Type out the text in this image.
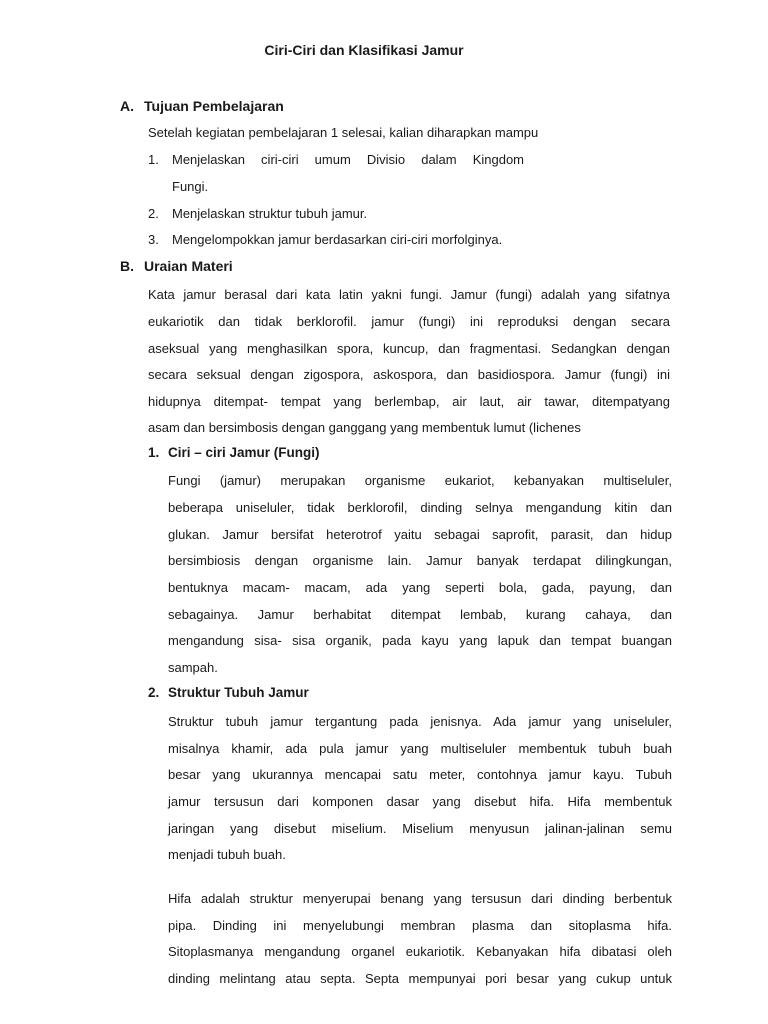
Ciri-Ciri dan Klasifikasi Jamur
A. Tujuan Pembelajaran
Setelah kegiatan pembelajaran 1 selesai, kalian diharapkan mampu
1. Menjelaskan ciri-ciri umum Divisio dalam Kingdom
Fungi.
2. Menjelaskan struktur tubuh jamur.
3. Mengelompokkan jamur berdasarkan ciri-ciri morfolginya.
B. Uraian Materi
Kata jamur berasal dari kata latin yakni fungi. Jamur (fungi) adalah yang sifatnya
eukariotik dan tidak berklorofil. jamur (fungi) ini reproduksi dengan secara
aseksual yang menghasilkan spora, kuncup, dan fragmentasi. Sedangkan dengan
secara seksual dengan zigospora, askospora, dan basidiospora. Jamur (fungi) ini
hidupnya ditempat- tempat yang berlembap, air laut, air tawar, ditempatyang
asam dan bersimbosis dengan ganggang yang membentuk lumut (lichenes
1. Ciri – ciri Jamur (Fungi)
Fungi (jamur) merupakan organisme eukariot, kebanyakan multiseluler,
beberapa uniseluler, tidak berklorofil, dinding selnya mengandung kitin dan
glukan. Jamur bersifat heterotrof yaitu sebagai saprofit, parasit, dan hidup
bersimbiosis dengan organisme lain. Jamur banyak terdapat dilingkungan,
bentuknya macam- macam, ada yang seperti bola, gada, payung, dan
sebagainya. Jamur berhabitat ditempat lembab, kurang cahaya, dan
mengandung sisa- sisa organik, pada kayu yang lapuk dan tempat buangan
sampah.
2. Struktur Tubuh Jamur
Struktur tubuh jamur tergantung pada jenisnya. Ada jamur yang uniseluler,
misalnya khamir, ada pula jamur yang multiseluler membentuk tubuh buah
besar yang ukurannya mencapai satu meter, contohnya jamur kayu. Tubuh
jamur tersusun dari komponen dasar yang disebut hifa. Hifa membentuk
jaringan yang disebut miselium. Miselium menyusun jalinan-jalinan semu
menjadi tubuh buah.
Hifa adalah struktur menyerupai benang yang tersusun dari dinding berbentuk
pipa. Dinding ini menyelubungi membran plasma dan sitoplasma hifa.
Sitoplasmanya mengandung organel eukariotik. Kebanyakan hifa dibatasi oleh
dinding melintang atau septa. Septa mempunyai pori besar yang cukup untuk
